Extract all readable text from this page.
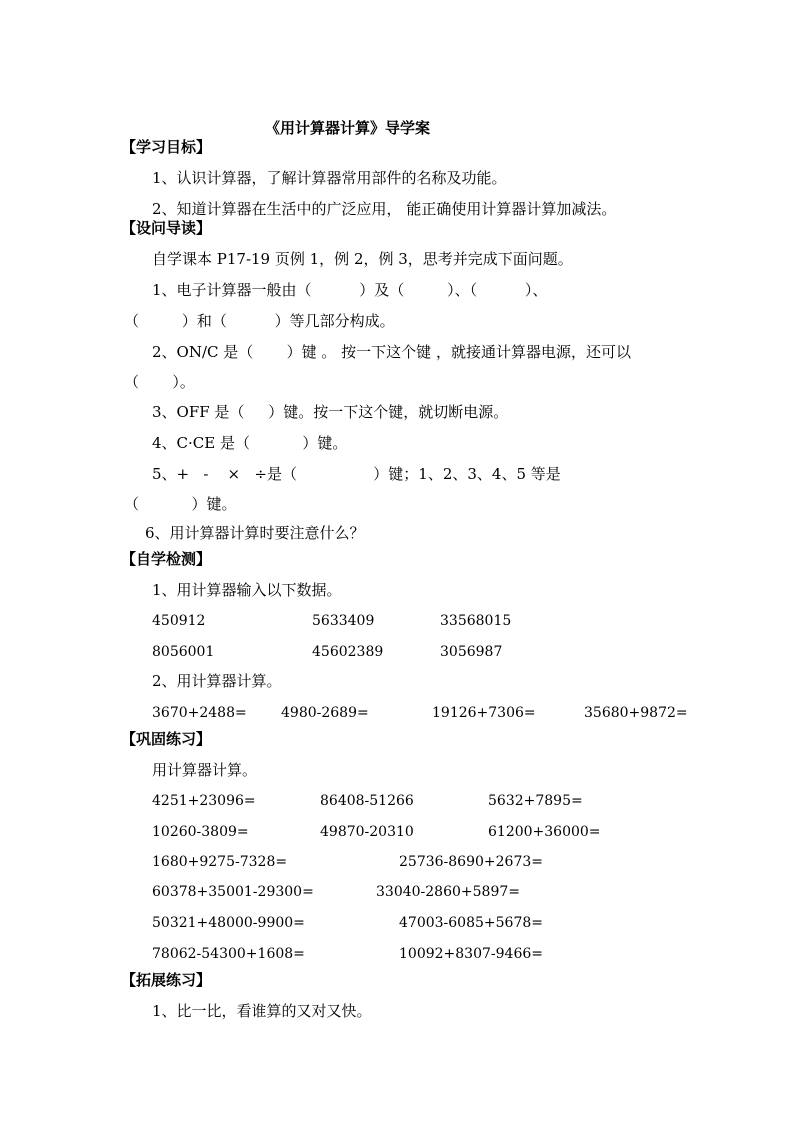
《用计算器计算》导学案
【学习目标】
1、认识计算器，了解计算器常用部件的名称及功能。
2、知道计算器在生活中的广泛应用， 能正确使用计算器计算加减法。
【设问导读】
自学课本 P17-19 页例 1，例 2，例 3，思考并完成下面问题。
1、电子计算器一般由（          ）及（         ）、（          ）、
（         ）和（          ）等几部分构成。
2、ON/C 是（       ）键 。 按一下这个键 ，就接通计算器电源，还可以
（       ）。
3、OFF 是（     ）键。按一下这个键，就切断电源。
4、C·CE 是（           ）键。
5、+   -    ×   ÷是（                ）键；1、2、3、4、5 等是
（           ）键。
6、用计算器计算时要注意什么？
【自学检测】
1、用计算器输入以下数据。
450912	5633409	33568015
8056001	45602389	3056987
2、用计算器计算。
3670+2488= 4980-2689=	19126+7306=	35680+9872=
【巩固练习】
用计算器计算。
4251+23096=	86408-51266	5632+7895=
10260-3809=	49870-20310	61200+36000=
1680+9275-7328=	25736-8690+2673=
60378+35001-29300=	33040-2860+5897=
50321+48000-9900=	47003-6085+5678=
78062-54300+1608=	10092+8307-9466=
【拓展练习】
1、比一比，看谁算的又对又快。
